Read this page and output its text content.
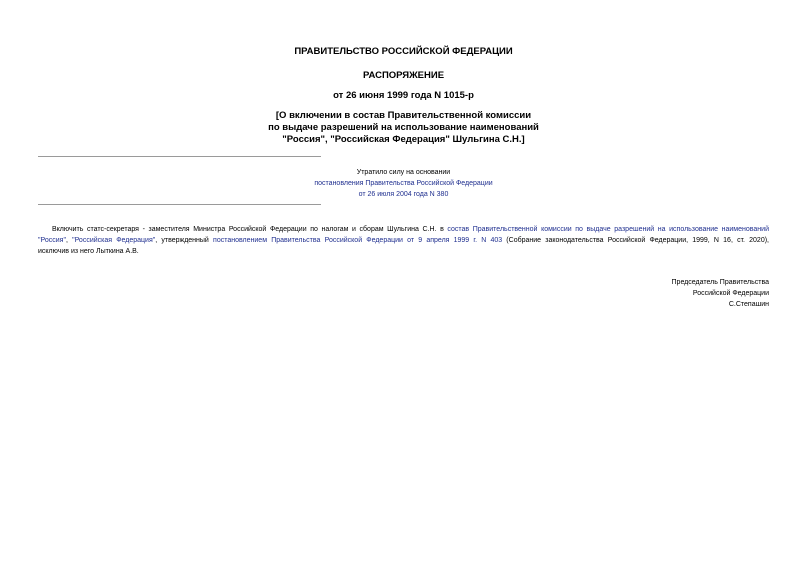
ПРАВИТЕЛЬСТВО РОССИЙСКОЙ ФЕДЕРАЦИИ
РАСПОРЯЖЕНИЕ
от 26 июня 1999 года N 1015-р
[О включении в состав Правительственной комиссии
по выдаче разрешений на использование наименований
"Россия", "Российская Федерация" Шульгина С.Н.]
Утратило силу на основании
постановления Правительства Российской Федерации
от 26 июля 2004 года N 380
Включить статс-секретаря - заместителя Министра Российской Федерации по налогам и сборам Шульгина С.Н. в состав Правительственной комиссии по выдаче разрешений на использование наименований
"Россия", "Российская Федерация", утвержденный постановлением Правительства Российской Федерации от 9 апреля 1999 г. N 403 (Собрание законодательства Российской Федерации, 1999, N 16, ст. 2020),
исключив из него Лыткина А.В.
Председатель Правительства
Российской Федерации
С.Степашин
